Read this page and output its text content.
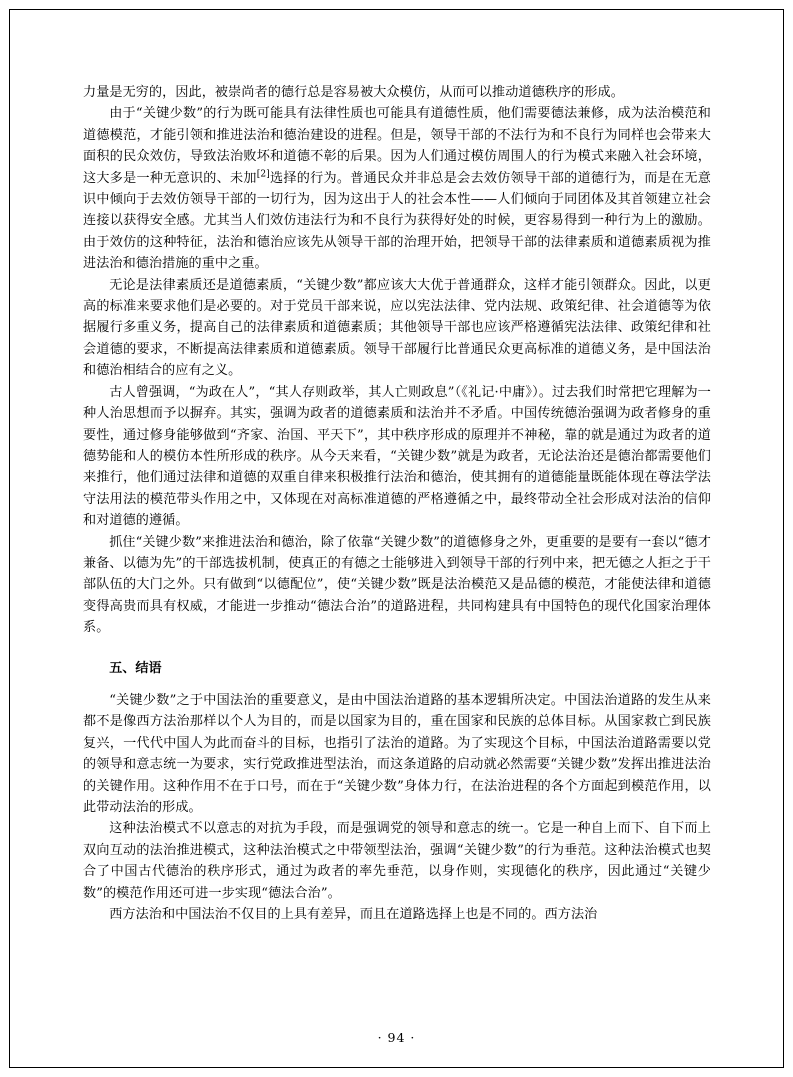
力量是无穷的，因此，被崇尚者的德行总是容易被大众模仿，从而可以推动道德秩序的形成。

由于“关键少数”的行为既可能具有法律性质也可能具有道德性质，他们需要德法兼修，成为法治模范和道德模范，才能引领和推进法治和德治建设的进程。但是，领导干部的不法行为和不良行为同样也会带来大面积的民众效仿，导致法治败坏和道德不彰的后果。因为人们通过模仿周围人的行为模式来融入社会环境，这大多是一种无意识的、未加[2]选择的行为。普通民众并非总是会去效仿领导干部的道德行为，而是在无意识中倾向于去效仿领导干部的一切行为，因为这出于人的社会本性——人们倾向于同团体及其首领建立社会连接以获得安全感。尤其当人们效仿违法行为和不良行为获得好处的时候，更容易得到一种行为上的激励。由于效仿的这种特征，法治和德治应该先从领导干部的治理开始，把领导干部的法律素质和道德素质视为推进法治和德治措施的重中之重。

无论是法律素质还是道德素质，“关键少数”都应该大大优于普通群众，这样才能引领群众。因此，以更高的标准来要求他们是必要的。对于党员干部来说，应以宪法法律、党内法规、政策纪律、社会道德等为依据履行多重义务，提高自己的法律素质和道德素质；其他领导干部也应该严格遵循宪法法律、政策纪律和社会道德的要求，不断提高法律素质和道德素质。领导干部履行比普通民众更高标准的道德义务，是中国法治和德治相结合的应有之义。

古人曾强调，“为政在人”，“其人存则政举，其人亡则政息”（《礼记·中庸》）。过去我们时常把它理解为一种人治思想而予以摒弃。其实，强调为政者的道德素质和法治并不矛盾。中国传统德治强调为政者修身的重要性，通过修身能够做到“齐家、治国、平天下”，其中秩序形成的原理并不神秘，靠的就是通过为政者的道德势能和人的模仿本性所形成的秩序。从今天来看，“关键少数”就是为政者，无论法治还是德治都需要他们来推行，他们通过法律和道德的双重自律来积极推行法治和德治，使其拥有的道德能量既能体现在尊法学法守法用法的模范带头作用之中，又体现在对高标准道德的严格遵循之中，最终带动全社会形成对法治的信仰和对道德的遵循。

抓住“关键少数”来推进法治和德治，除了依靠“关键少数”的道德修身之外，更重要的是要有一套以“德才兼备、以德为先”的干部选拔机制，使真正的有德之士能够进入到领导干部的行列中来，把无德之人拒之于干部队伍的大门之外。只有做到“以德配位”，使“关键少数”既是法治模范又是品德的模范，才能使法律和道德变得高贵而具有权威，才能进一步推动“德法合治”的道路进程，共同构建具有中国特色的现代化国家治理体系。

五、结语

“关键少数”之于中国法治的重要意义，是由中国法治道路的基本逻辑所决定。中国法治道路的发生从来都不是像西方法治那样以个人为目的，而是以国家为目的，重在国家和民族的总体目标。从国家救亡到民族复兴，一代代中国人为此而奋斗的目标，也指引了法治的道路。为了实现这个目标，中国法治道路需要以党的领导和意志统一为要求，实行党政推进型法治，而这条道路的启动就必然需要“关键少数”发挥出推进法治的关键作用。这种作用不在于口号，而在于“关键少数”身体力行，在法治进程的各个方面起到模范作用，以此带动法治的形成。

这种法治模式不以意志的对抗为手段，而是强调党的领导和意志的统一。它是一种自上而下、自下而上双向互动的法治推进模式，这种法治模式之中带领型法治，强调“关键少数”的行为垂范。这种法治模式也契合了中国古代德治的秩序形式，通过为政者的率先垂范，以身作则，实现德化的秩序，因此通过“关键少数”的模范作用还可进一步实现“德法合治”。

西方法治和中国法治不仅目的上具有差异，而且在道路选择上也是不同的。西方法治

· 94 ·
